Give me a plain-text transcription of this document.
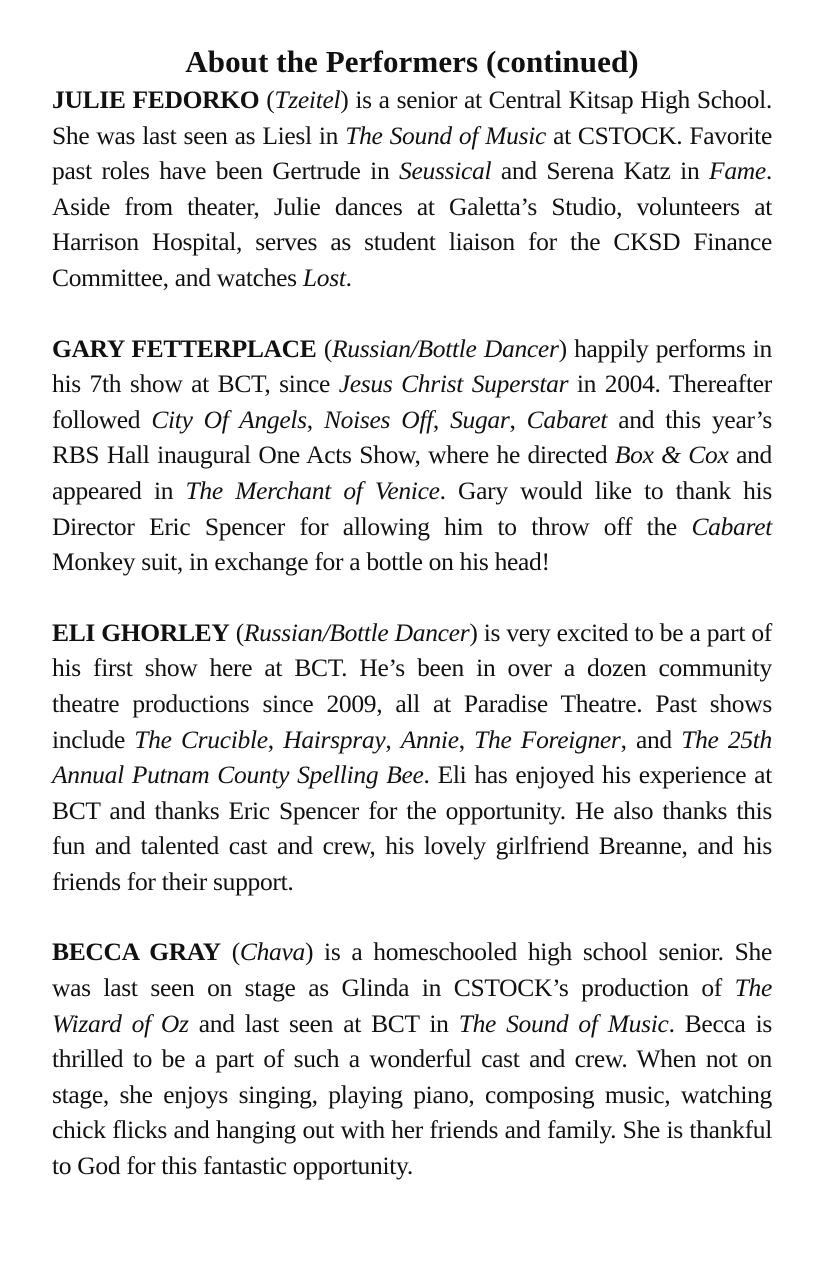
About the Performers (continued)

JULIE FEDORKO (Tzeitel) is a senior at Central Kitsap High School. She was last seen as Liesl in The Sound of Music at CSTOCK. Favorite past roles have been Gertrude in Seussical and Serena Katz in Fame. Aside from theater, Julie dances at Galetta’s Studio, volunteers at Harrison Hospital, serves as student liaison for the CKSD Finance Committee, and watches Lost.

GARY FETTERPLACE (Russian/Bottle Dancer) happily performs in his 7th show at BCT, since Jesus Christ Superstar in 2004. Thereafter followed City Of Angels, Noises Off, Sugar, Cabaret and this year’s RBS Hall inaugural One Acts Show, where he directed Box & Cox and appeared in The Merchant of Venice. Gary would like to thank his Director Eric Spencer for allowing him to throw off the Cabaret Monkey suit, in exchange for a bottle on his head!

ELI GHORLEY (Russian/Bottle Dancer) is very excited to be a part of his first show here at BCT. He’s been in over a dozen community theatre productions since 2009, all at Paradise Theatre. Past shows include The Crucible, Hairspray, Annie, The Foreigner, and The 25th Annual Putnam County Spelling Bee. Eli has enjoyed his experience at BCT and thanks Eric Spencer for the opportunity. He also thanks this fun and talented cast and crew, his lovely girlfriend Breanne, and his friends for their support.

BECCA GRAY (Chava) is a homeschooled high school senior. She was last seen on stage as Glinda in CSTOCK’s production of The Wizard of Oz and last seen at BCT in The Sound of Music. Becca is thrilled to be a part of such a wonderful cast and crew. When not on stage, she enjoys singing, playing piano, composing music, watching chick flicks and hanging out with her friends and family. She is thankful to God for this fantastic opportunity.
